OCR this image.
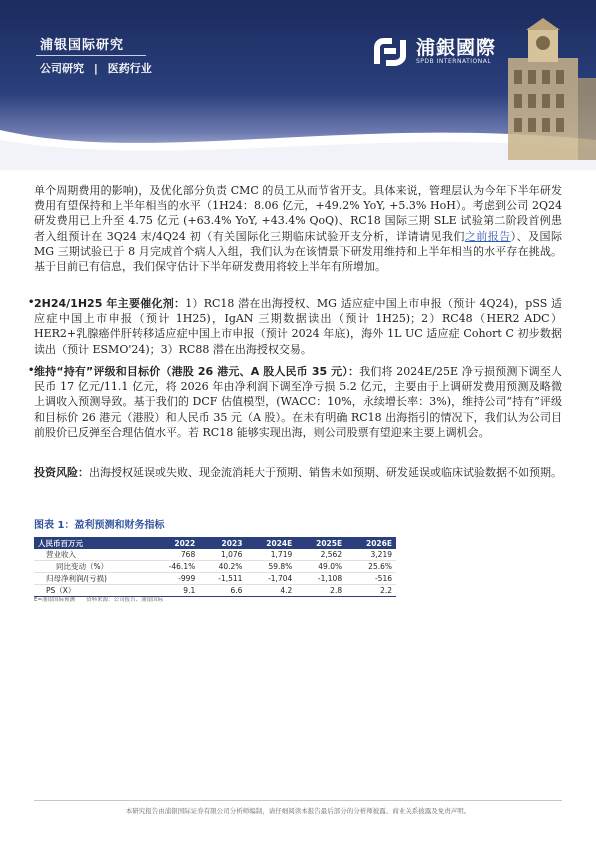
浦银国际研究
公司研究 | 医药行业
浦銀國際
SPDB INTERNATIONAL

单个周期费用的影响)，及优化部分负责 CMC 的员工从而节省开支。具体来说，管理层认为今年下半年研发费用有望保持和上半年相当的水平（1H24：8.06 亿元，+49.2% YoY, +5.3% HoH）。考虑到公司 2Q24 研发费用已上升至 4.75 亿元 (+63.4% YoY, +43.4% QoQ)、RC18 国际三期 SLE 试验第二阶段首例患者入组预计在 3Q24 末/4Q24 初（有关国际化三期临床试验开支分析，详请请见我们之前报告）、及国际 MG 三期试验已于 8 月完成首个病人入组，我们认为在该情景下研发用维持和上半年相当的水平存在挑战。基于目前已有信息，我们保守估计下半年研发费用将较上半年有所增加。

• 2H24/1H25 年主要催化剂：1）RC18 潜在出海授权、MG 适应症中国上市申报（预计 4Q24)，pSS 适应症中国上市申报（预计 1H25)，IgAN 三期数据读出（预计 1H25)；2）RC48（HER2 ADC）HER2+乳腺癌伴肝转移适应症中国上市申报（预计 2024 年底)，海外 1L UC 适应症 Cohort C 初步数据读出（预计 ESMO'24)；3）RC88 潜在出海授权交易。

• 维持“持有”评级和目标价（港股 26 港元、A 股人民币 35 元）：我们将 2024E/25E 净亏损预测下调至人民币 17 亿元/11.1 亿元，将 2026 年由净利润下调至净亏损 5.2 亿元，主要由于上调研发费用预测及略微上调收入预测导致。基于我们的 DCF 估值模型，(WACC：10%，永续增长率：3%)，维持公司“持有”评级和目标价 26 港元（港股）和人民币 35 元（A 股）。在未有明确 RC18 出海指引的情况下，我们认为公司目前股价已反弹至合理估值水平。若 RC18 能够实现出海，则公司股票有望迎来主要上调机会。

投资风险：出海授权延误或失败、现金流消耗大于预期、销售未如预期、研发延误或临床试验数据不如预期。

图表 1：盈利预测和财务指标
人民币百万元	2022	2023	2024E	2025E	2026E
营业收入	768	1,076	1,719	2,562	3,219
同比变动（%）	-46.1%	40.2%	59.8%	49.0%	25.6%
归母净利润/(亏损)	-999	-1,511	-1,704	-1,108	-516
PS（X）	9.1	6.6	4.2	2.8	2.2
E=浦银国际预测　　资料来源：公司报告、浦银国际
本研究报告由浦银国际证券有限公司分析师编制，请仔细阅读本报告最后部分的分析师披露、商业关系披露及免责声明。
